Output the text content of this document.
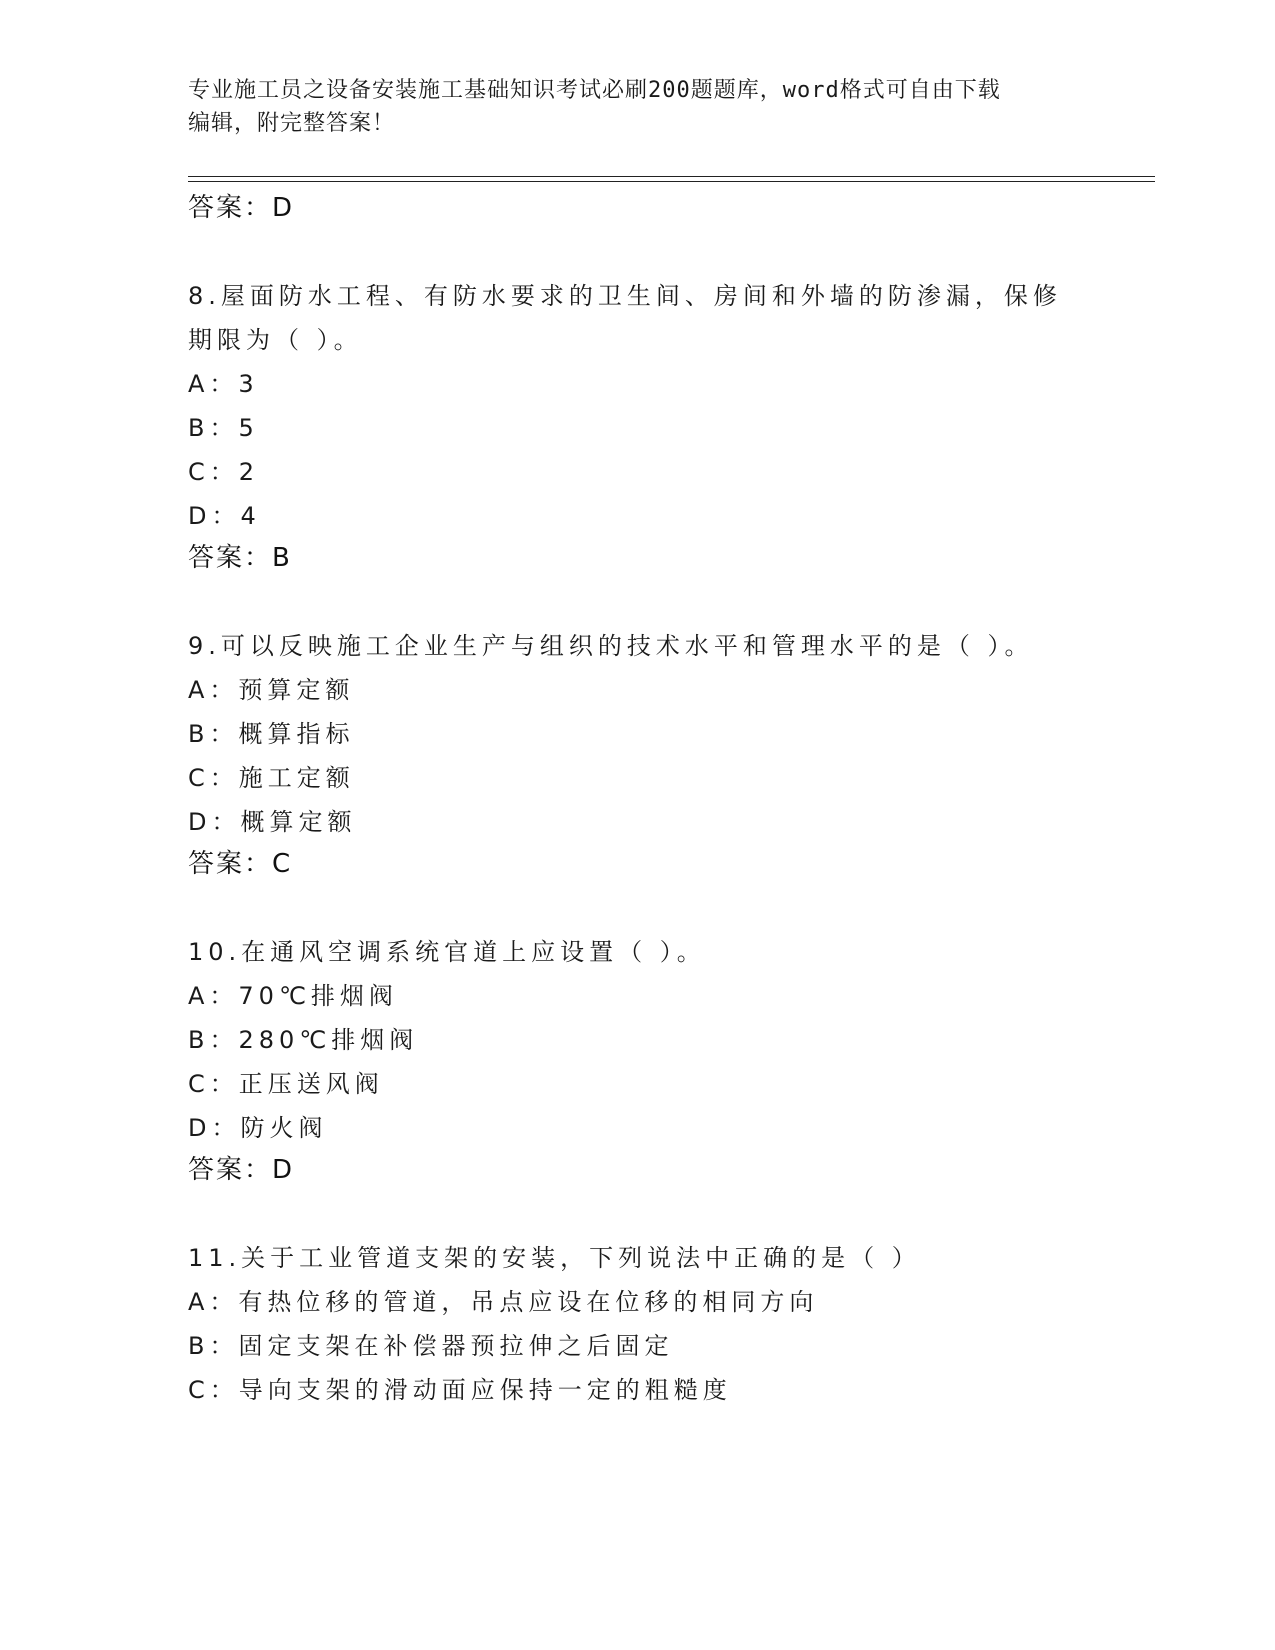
专业施工员之设备安装施工基础知识考试必刷200题题库，word格式可自由下载
编辑，附完整答案！
答案：D
8.屋面防水工程、有防水要求的卫生间、房间和外墙的防渗漏，保修
期限为（ ）。
A：3
B：5
C：2
D：4
答案：B
9.可以反映施工企业生产与组织的技术水平和管理水平的是（ ）。
A：预算定额
B：概算指标
C：施工定额
D：概算定额
答案：C
10.在通风空调系统官道上应设置（ ）。
A：70℃排烟阀
B：280℃排烟阀
C：正压送风阀
D：防火阀
答案：D
11.关于工业管道支架的安装，下列说法中正确的是（ ）
A：有热位移的管道，吊点应设在位移的相同方向
B：固定支架在补偿器预拉伸之后固定
C：导向支架的滑动面应保持一定的粗糙度
